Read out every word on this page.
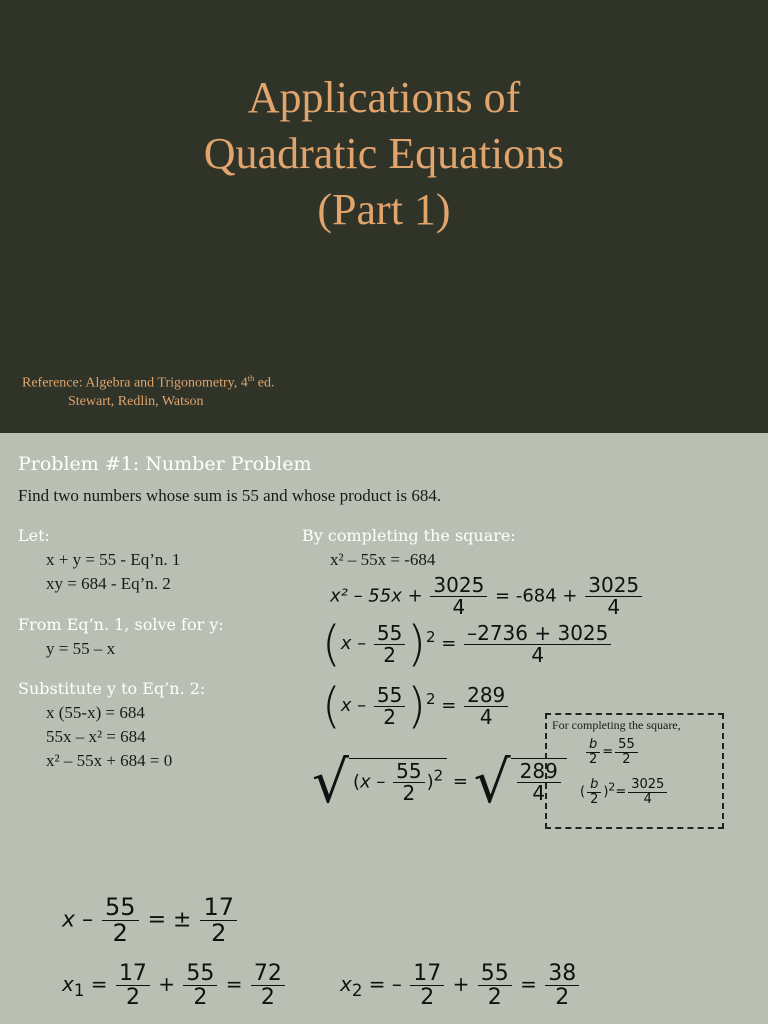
Applications of
Quadratic Equations
(Part 1)
Reference: Algebra and Trigonometry, 4th ed.
Stewart, Redlin, Watson
Problem #1: Number Problem
Find two numbers whose sum is 55 and whose product is 684.
Let:
x + y = 55 - Eq’n. 1
xy = 684 - Eq’n. 2
From Eq’n. 1, solve for y:
y = 55 – x
Substitute y to Eq’n. 2:
x (55-x) = 684
55x – x² = 684
x² – 55x + 684 = 0
By completing the square:
x² – 55x = -684
$x^2 - 55x + \frac{3025}{4} = -684 + \frac{3025}{4}$
$(x - \frac{55}{2} )^2 = \frac{-2736 + 3025}{4}$
$(x - \frac{55}{2} )^2 = \frac{289}{4}$
√ $(x - \frac{55}{2} )^2$ = √ $\frac{289}{4}$
For completing the square,
$\frac{b}{2} = \frac{55}{2}$
( $\frac{b}{2} )^2= \frac{3025}{4}$
x – $\frac{55}{2}$ = ± $\frac{17}{2}$
$x_1 = \frac{17}{2} + \frac{55}{2} = \frac{72}{2}$	$x_2$ = – $\frac{17}{2} + \frac{55}{2} = \frac{38}{2}$
